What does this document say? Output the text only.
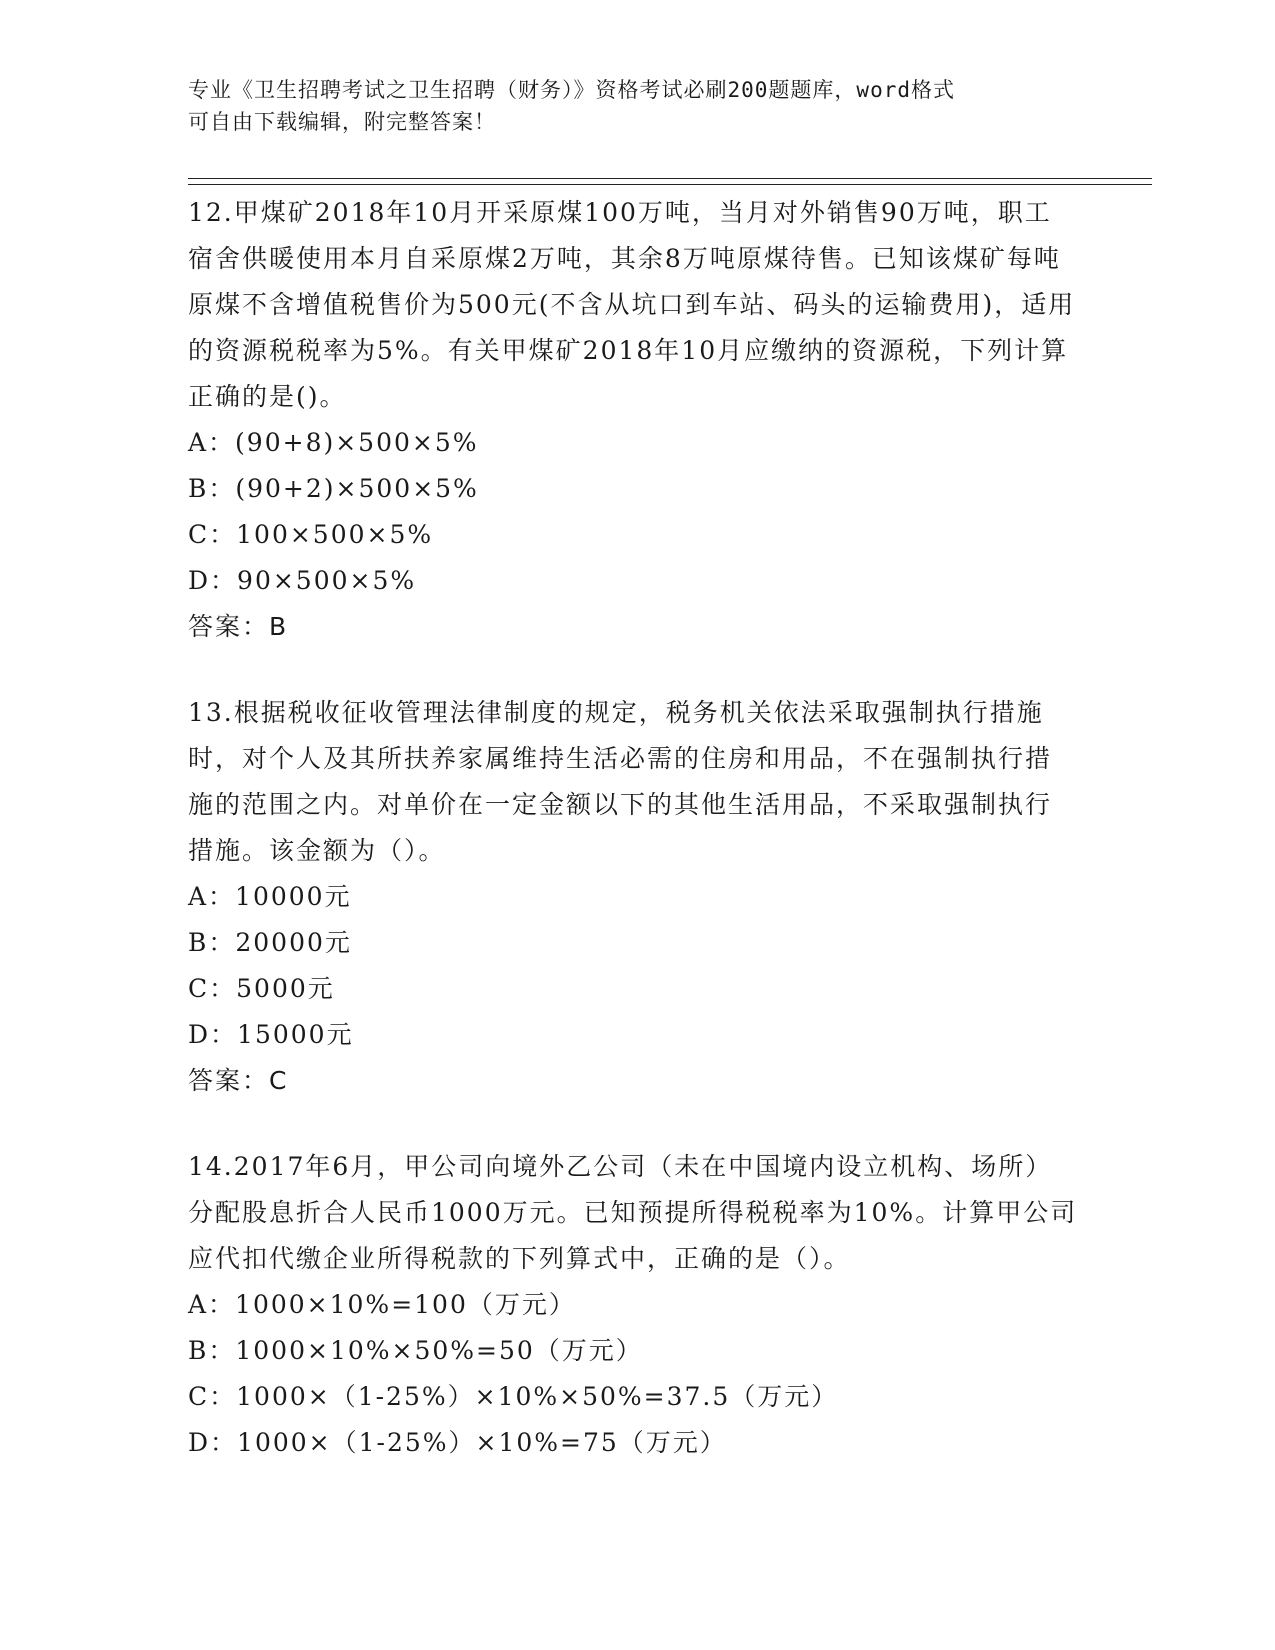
专业《卫生招聘考试之卫生招聘（财务）》资格考试必刷200题题库，word格式
可自由下载编辑，附完整答案！

12.甲煤矿2018年10月开采原煤100万吨，当月对外销售90万吨，职工宿舍供暖使用本月自采原煤2万吨，其余8万吨原煤待售。已知该煤矿每吨原煤不含增值税售价为500元(不含从坑口到车站、码头的运输费用)，适用的资源税税率为5%。有关甲煤矿2018年10月应缴纳的资源税，下列计算正确的是()。

A：(90+8)×500×5%

B：(90+2)×500×5%

C：100×500×5%

D：90×500×5%

答案：B

13.根据税收征收管理法律制度的规定，税务机关依法采取强制执行措施时，对个人及其所扶养家属维持生活必需的住房和用品，不在强制执行措施的范围之内。对单价在一定金额以下的其他生活用品，不采取强制执行措施。该金额为（）。

A：10000元

B：20000元

C：5000元

D：15000元

答案：C

14.2017年6月，甲公司向境外乙公司（未在中国境内设立机构、场所）分配股息折合人民币1000万元。已知预提所得税税率为10%。计算甲公司应代扣代缴企业所得税款的下列算式中，正确的是（）。

A：1000×10%=100（万元）

B：1000×10%×50%=50（万元）

C：1000×（1-25%）×10%×50%=37.5（万元）

D：1000×（1-25%）×10%=75（万元）
